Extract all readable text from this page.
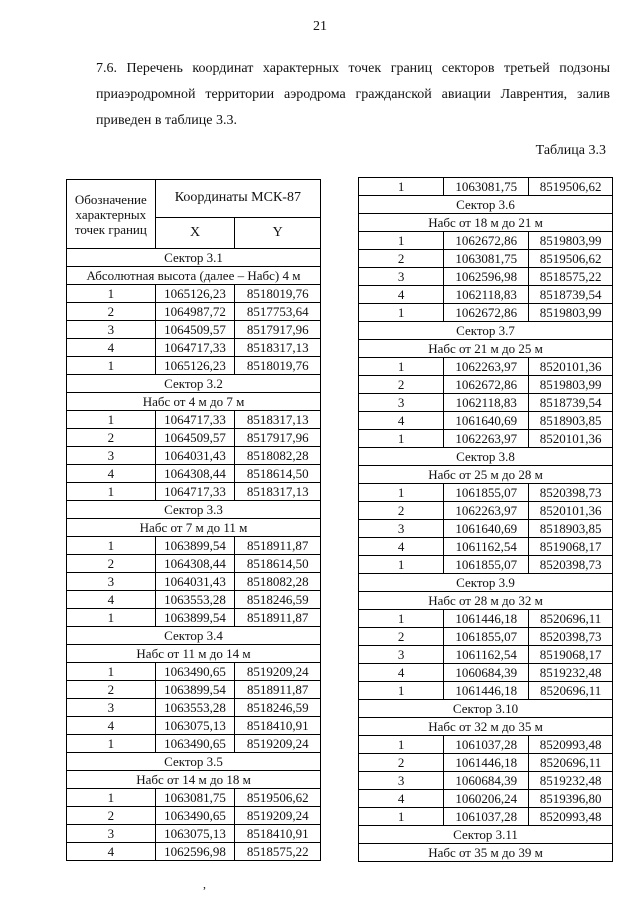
21
7.6. Перечень координат характерных точек границ секторов третьей подзоны
приаэродромной территории аэродрома гражданской авиации Лаврентия, залив
приведен в таблице 3.3.
Таблица 3.3
Обозначение характерных точек границ	Координаты МСК-87	
	X	Y
Сектор 3.1		
Абсолютная высота (далее – Набс) 4 м		
1	1065126,23	8518019,76
2	1064987,72	8517753,64
3	1064509,57	8517917,96
4	1064717,33	8518317,13
1	1065126,23	8518019,76
Сектор 3.2		
Набс от 4 м до 7 м		
1	1064717,33	8518317,13
2	1064509,57	8517917,96
3	1064031,43	8518082,28
4	1064308,44	8518614,50
1	1064717,33	8518317,13
Сектор 3.3		
Набс от 7 м до 11 м		
1	1063899,54	8518911,87
2	1064308,44	8518614,50
3	1064031,43	8518082,28
4	1063553,28	8518246,59
1	1063899,54	8518911,87
Сектор 3.4		
Набс от 11 м до 14 м		
1	1063490,65	8519209,24
2	1063899,54	8518911,87
3	1063553,28	8518246,59
4	1063075,13	8518410,91
1	1063490,65	8519209,24
Сектор 3.5		
Набс от 14 м до 18 м		
1	1063081,75	8519506,62
2	1063490,65	8519209,24
3	1063075,13	8518410,91
4	1062596,98	8518575,22
1	1063081,75	8519506,62
Сектор 3.6		
Набс от 18 м до 21 м		
1	1062672,86	8519803,99
2	1063081,75	8519506,62
3	1062596,98	8518575,22
4	1062118,83	8518739,54
1	1062672,86	8519803,99
Сектор 3.7		
Набс от 21 м до 25 м		
1	1062263,97	8520101,36
2	1062672,86	8519803,99
3	1062118,83	8518739,54
4	1061640,69	8518903,85
1	1062263,97	8520101,36
Сектор 3.8		
Набс от 25 м до 28 м		
1	1061855,07	8520398,73
2	1062263,97	8520101,36
3	1061640,69	8518903,85
4	1061162,54	8519068,17
1	1061855,07	8520398,73
Сектор 3.9		
Набс от 28 м до 32 м		
1	1061446,18	8520696,11
2	1061855,07	8520398,73
3	1061162,54	8519068,17
4	1060684,39	8519232,48
1	1061446,18	8520696,11
Сектор 3.10		
Набс от 32 м до 35 м		
1	1061037,28	8520993,48
2	1061446,18	8520696,11
3	1060684,39	8519232,48
4	1060206,24	8519396,80
1	1061037,28	8520993,48
Сектор 3.11		
Набс от 35 м до 39 м		
,
